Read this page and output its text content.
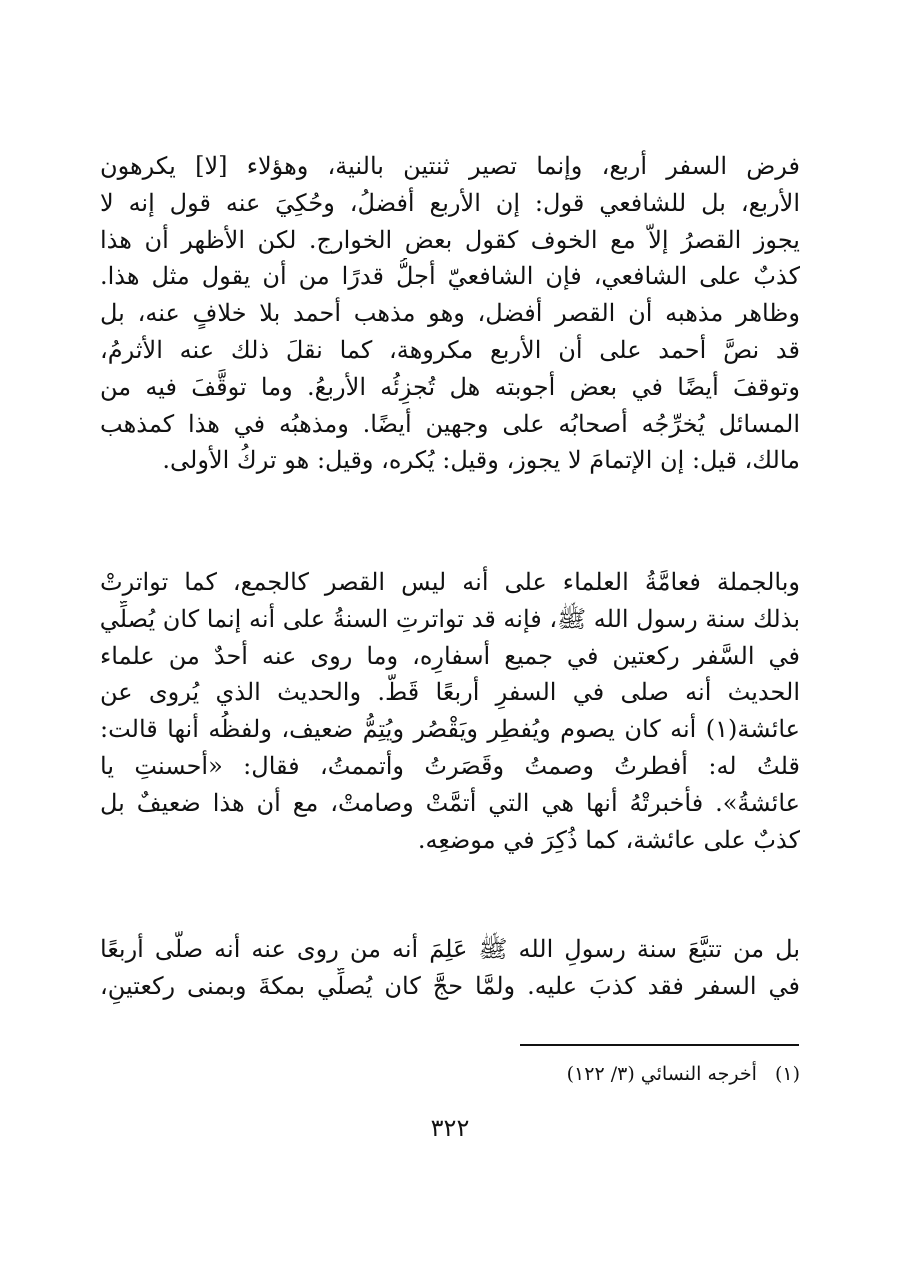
فرض السفر أربع، وإنما تصير ثنتين بالنية، وهؤلاء [لا] يكرهون
الأربع، بل للشافعي قول: إن الأربع أفضلُ، وحُكِيَ عنه قول إنه لا
يجوز القصرُ إلاّ مع الخوف كقول بعض الخوارج. لكن الأظهر أن هذا
كذبٌ على الشافعي، فإن الشافعيّ أجلُّ قدرًا من أن يقول مثل هذا.
وظاهر مذهبه أن القصر أفضل، وهو مذهب أحمد بلا خلافٍ عنه، بل
قد نصَّ أحمد على أن الأربع مكروهة، كما نقلَ ذلك عنه الأثرمُ،
وتوقفَ أيضًا في بعض أجوبته هل تُجزِئُه الأربعُ. وما توقَّفَ فيه من
المسائل يُخرِّجُه أصحابُه على وجهين أيضًا. ومذهبُه في هذا كمذهب
مالك، قيل: إن الإتمامَ لا يجوز، وقيل: يُكره، وقيل: هو تركُ الأولى.
وبالجملة فعامَّةُ العلماء على أنه ليس القصر كالجمع، كما تواترتْ
بذلك سنة رسول الله ﷺ، فإنه قد تواترتِ السنةُ على أنه إنما كان يُصلِّي
في السَّفر ركعتين في جميع أسفارِه، وما روى عنه أحدٌ من علماء
الحديث أنه صلى في السفرِ أربعًا قَطُّ. والحديث الذي يُروى عن
عائشة(١) أنه كان يصوم ويُفطِر ويَقْصُر ويُتِمُّ ضعيف، ولفظُه أنها قالت:
قلتُ له: أفطرتُ وصمتُ وقَصَرتُ وأتممتُ، فقال: «أحسنتِ يا
عائشةُ». فأخبرتْهُ أنها هي التي أتمَّتْ وصامتْ، مع أن هذا ضعيفٌ بل
كذبٌ على عائشة، كما ذُكِرَ في موضعِه.
بل من تتبَّعَ سنة رسولِ الله ﷺ عَلِمَ أنه من روى عنه أنه صلَّى أربعًا
في السفر فقد كذبَ عليه. ولمَّا حجَّ كان يُصلِّي بمكةَ وبمنى ركعتينِ،
(١)أخرجه النسائي (٣/ ١٢٢)
٣٢٢
